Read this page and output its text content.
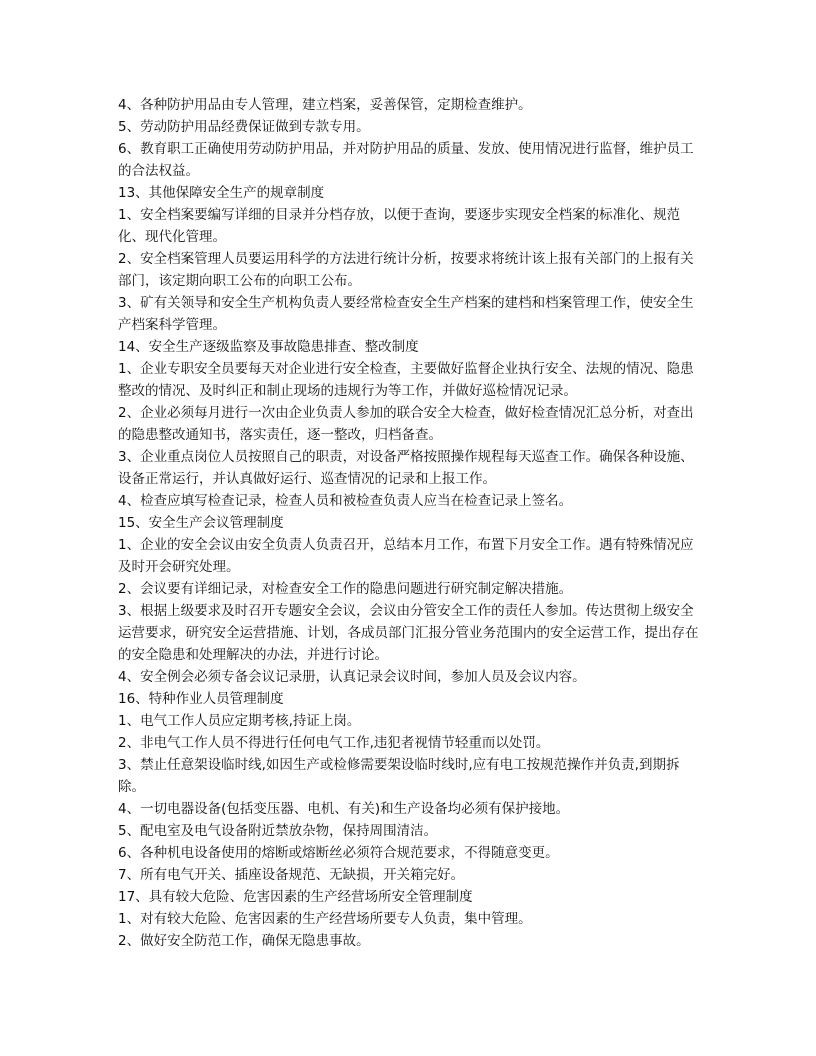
4、各种防护用品由专人管理，建立档案，妥善保管，定期检查维护。
5、劳动防护用品经费保证做到专款专用。
6、教育职工正确使用劳动防护用品，并对防护用品的质量、发放、使用情况进行监督，维护员工
的合法权益。
13、其他保障安全生产的规章制度
1、安全档案要编写详细的目录并分档存放，以便于查询，要逐步实现安全档案的标准化、规范
化、现代化管理。
2、安全档案管理人员要运用科学的方法进行统计分析，按要求将统计该上报有关部门的上报有关
部门，该定期向职工公布的向职工公布。
3、矿有关领导和安全生产机构负责人要经常检查安全生产档案的建档和档案管理工作，使安全生
产档案科学管理。
14、安全生产逐级监察及事故隐患排查、整改制度
1、企业专职安全员要每天对企业进行安全检查，主要做好监督企业执行安全、法规的情况、隐患
整改的情况、及时纠正和制止现场的违规行为等工作，并做好巡检情况记录。
2、企业必须每月进行一次由企业负责人参加的联合安全大检查，做好检查情况汇总分析，对查出
的隐患整改通知书，落实责任，逐一整改，归档备查。
3、企业重点岗位人员按照自己的职责，对设备严格按照操作规程每天巡查工作。确保各种设施、
设备正常运行，并认真做好运行、巡查情况的记录和上报工作。
4、检查应填写检查记录，检查人员和被检查负责人应当在检查记录上签名。
15、安全生产会议管理制度
1、企业的安全会议由安全负责人负责召开，总结本月工作，布置下月安全工作。遇有特殊情况应
及时开会研究处理。
2、会议要有详细记录，对检查安全工作的隐患问题进行研究制定解决措施。
3、根据上级要求及时召开专题安全会议，会议由分管安全工作的责任人参加。传达贯彻上级安全
运营要求，研究安全运营措施、计划，各成员部门汇报分管业务范围内的安全运营工作，提出存在
的安全隐患和处理解决的办法，并进行讨论。
4、安全例会必须专备会议记录册，认真记录会议时间，参加人员及会议内容。
16、特种作业人员管理制度
1、电气工作人员应定期考核,持证上岗。
2、非电气工作人员不得进行任何电气工作,违犯者视情节轻重而以处罚。
3、禁止任意架设临时线,如因生产或检修需要架设临时线时,应有电工按规范操作并负责,到期拆
除。
4、一切电器设备(包括变压器、电机、有关)和生产设备均必须有保护接地。
5、配电室及电气设备附近禁放杂物，保持周围清洁。
6、各种机电设备使用的熔断或熔断丝必须符合规范要求，不得随意变更。
7、所有电气开关、插座设备规范、无缺损，开关箱完好。
17、具有较大危险、危害因素的生产经营场所安全管理制度
1、对有较大危险、危害因素的生产经营场所要专人负责，集中管理。
2、做好安全防范工作，确保无隐患事故。
